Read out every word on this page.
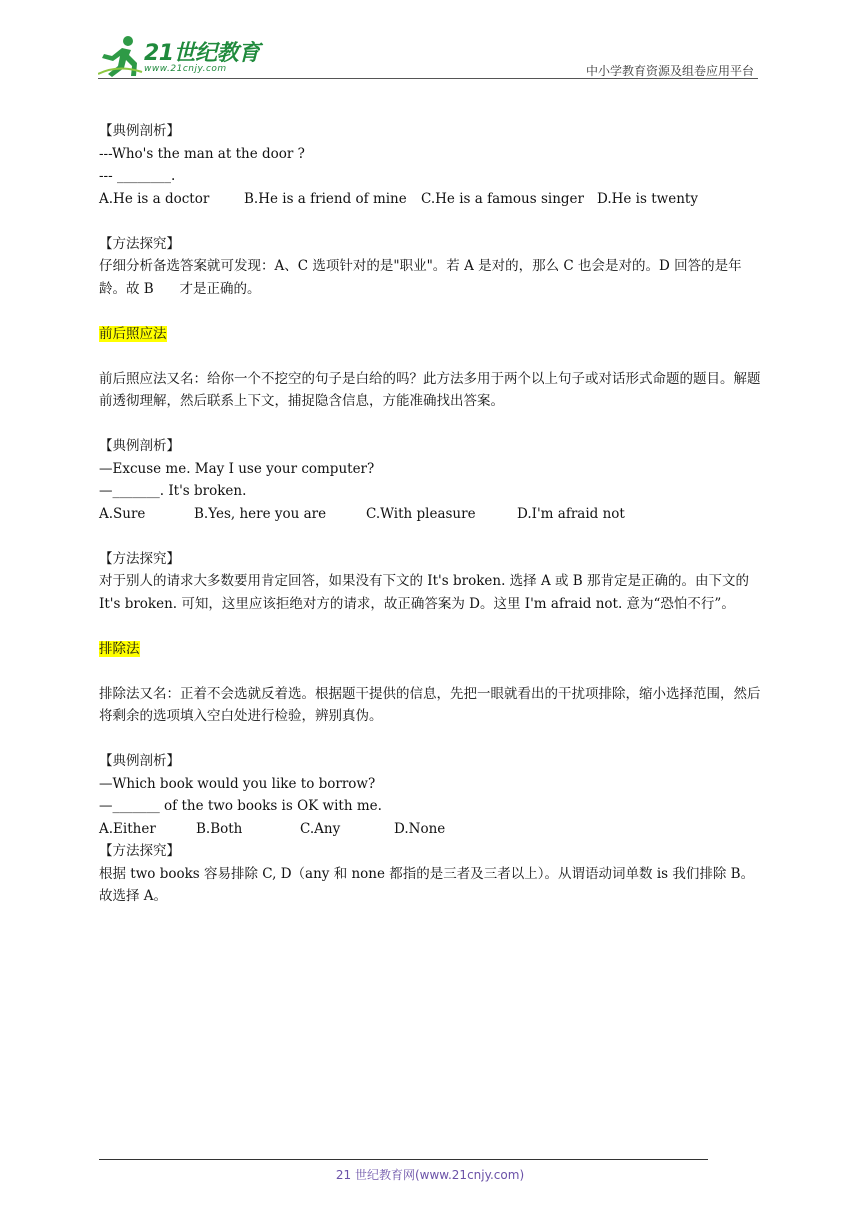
21世纪教育
www.21cnjy.com	中小学教育资源及组卷应用平台

【典例剖析】

---Who's the man at the door ?

--- ________.

A.He is a doctor	B.He is a friend of mine	C.He is a famous singer D.He is twenty

【方法探究】

仔细分析备选答案就可发现：A、C 选项针对的是"职业"。若 A 是对的，那么 C 也会是对的。D 回答的是年龄。故 B      才是正确的。

前后照应法

前后照应法又名：给你一个不挖空的句子是白给的吗？此方法多用于两个以上句子或对话形式命题的题目。解题  前透彻理解，然后联系上下文，捕捉隐含信息，方能准确找出答案。

【典例剖析】

—Excuse me. May I use your computer?

—_______. It's broken.

A.Sure	B.Yes, here you are	C.With pleasure	D.I'm afraid not

【方法探究】

对于别人的请求大多数要用肯定回答，如果没有下文的 It's broken. 选择 A 或 B 那肯定是正确的。由下文的 It's broken. 可知，这里应该拒绝对方的请求，故正确答案为 D。这里 I'm afraid not. 意为“恐怕不行”。

排除法

排除法又名：正着不会选就反着选。根据题干提供的信息，先把一眼就看出的干扰项排除，缩小选择范围，然后  将剩余的选项填入空白处进行检验，辨别真伪。

【典例剖析】

—Which book would you like to borrow?

—_______ of the two books is OK with me.

A.Either	B.Both	C.Any	D.None

【方法探究】

根据 two books 容易排除 C, D（any 和 none 都指的是三者及三者以上）。从谓语动词单数 is 我们排除 B。故选择 A。

21 世纪教育网(www.21cnjy.com)
